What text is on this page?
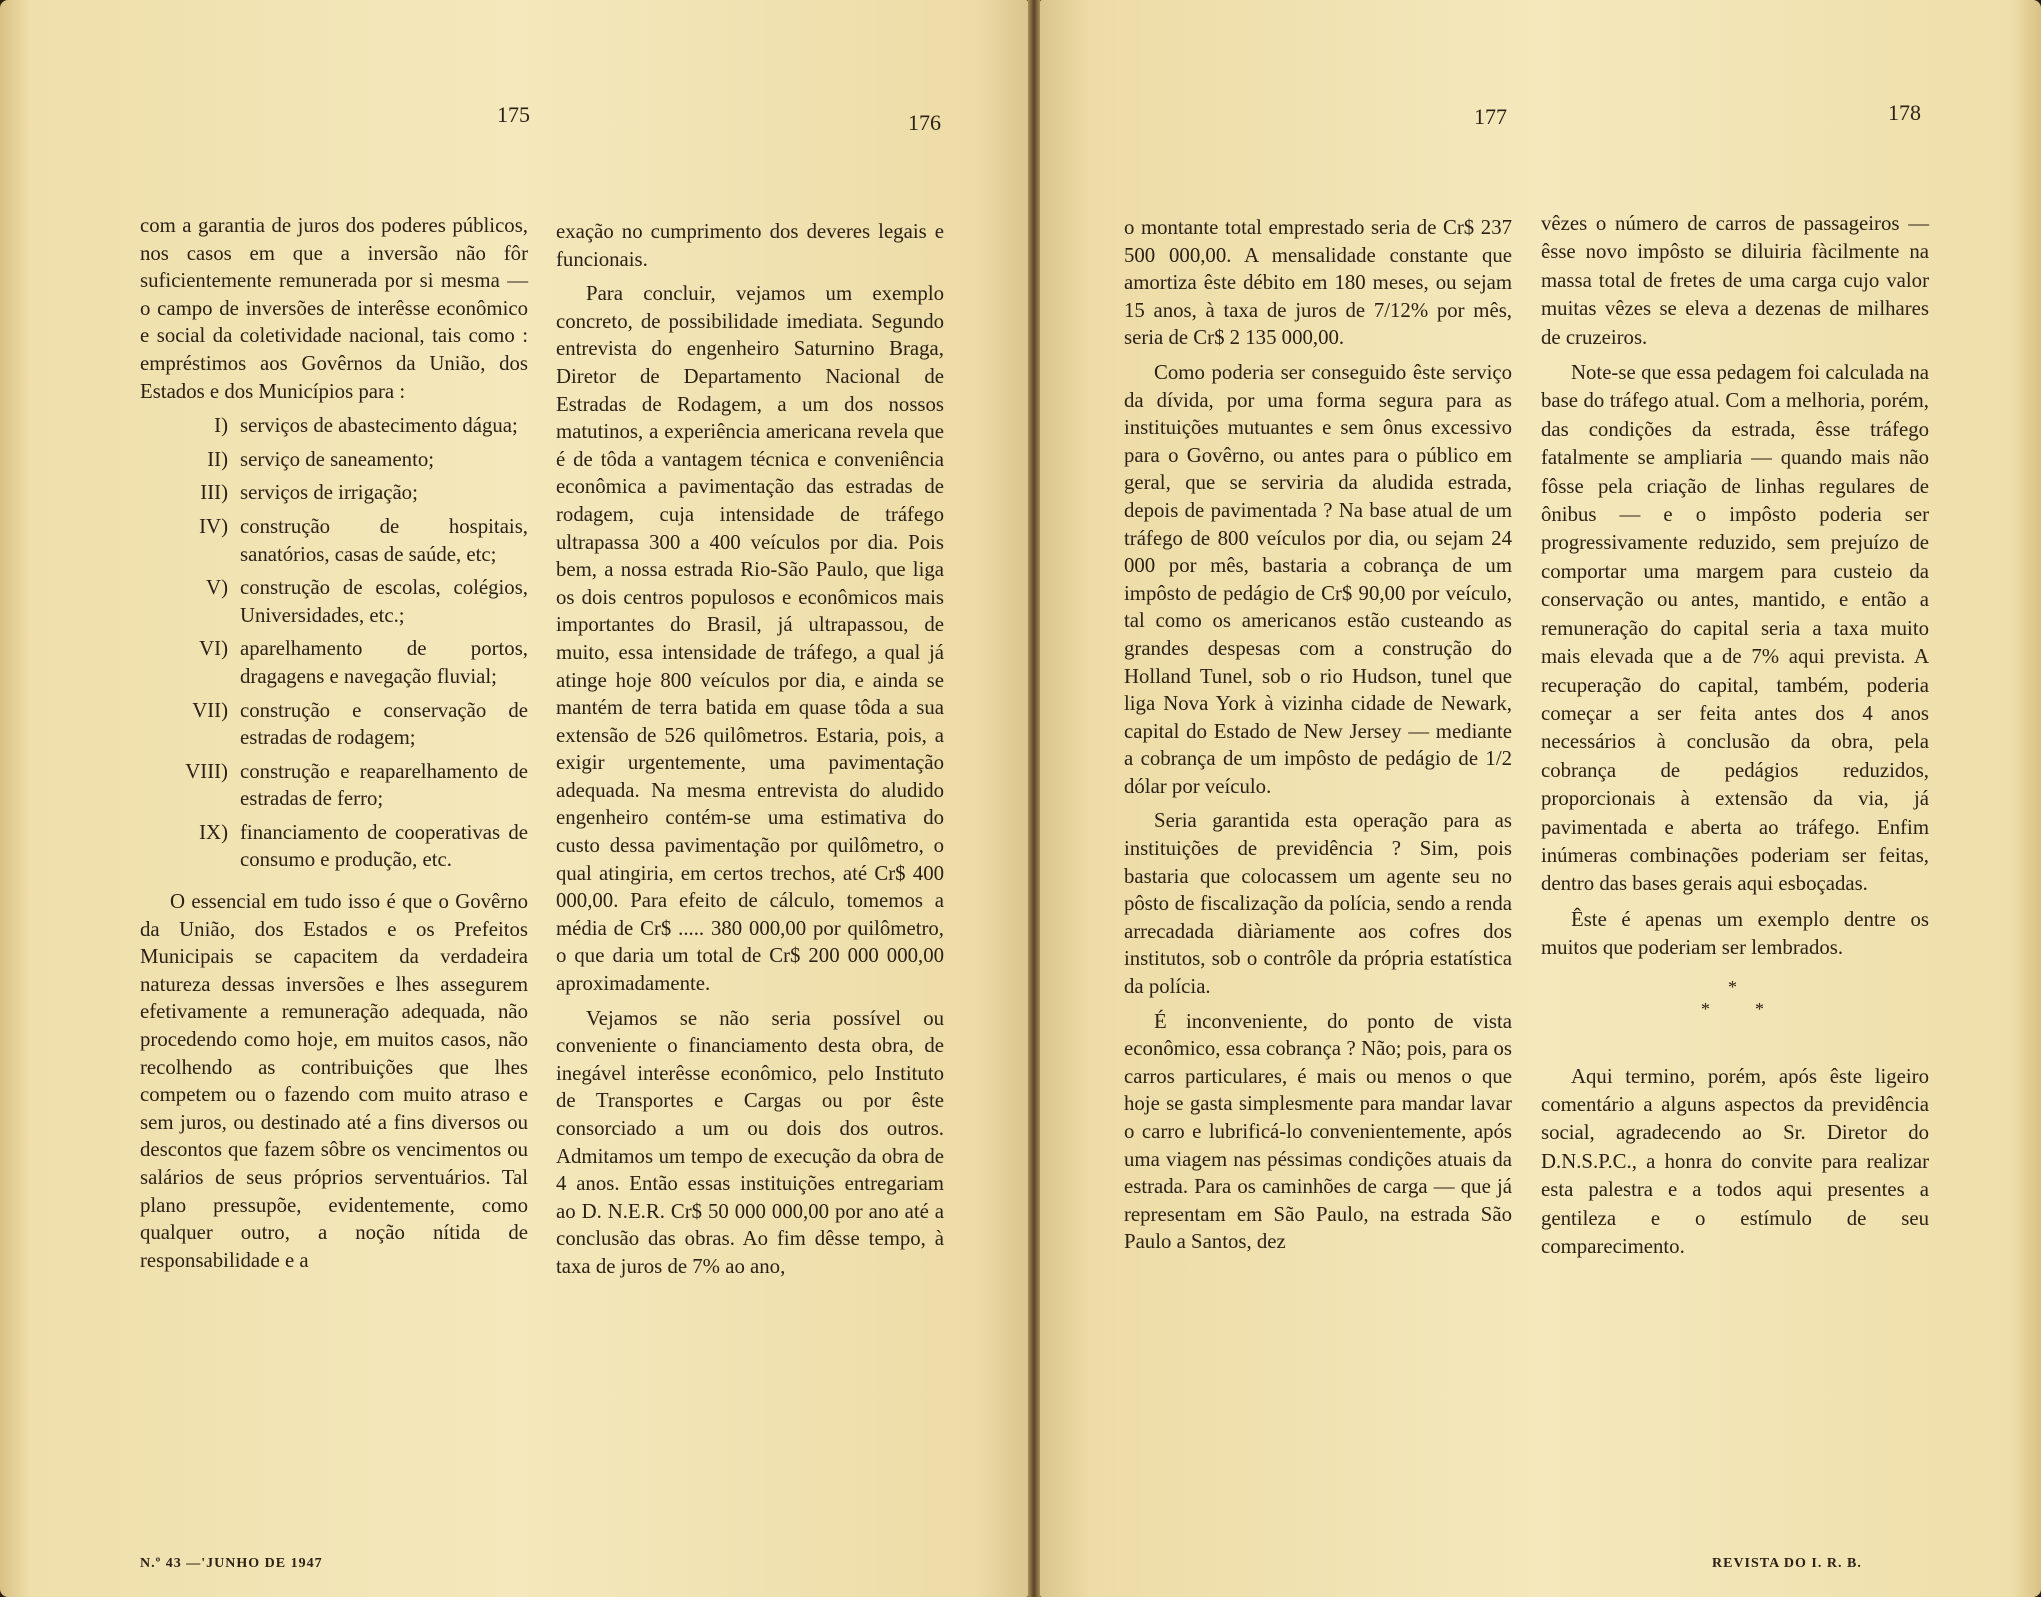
175	176

com a garantia de juros dos poderes públicos, nos casos em que a inversão não fôr suficientemente remunerada por si mesma — o campo de inversões de interêsse econômico e social da coletividade nacional, tais como : empréstimos aos Govêrnos da União, dos Estados e dos Municípios para :

I) serviços de abastecimento dágua;
II) serviço de saneamento;
III) serviços de irrigação;
IV) construção de hospitais, sanatórios, casas de saúde, etc;
V) construção de escolas, colégios, Universidades, etc.;
VI) aparelhamento de portos, dragagens e navegação fluvial;
VII) construção e conservação de estradas de rodagem;
VIII) construção e reaparelhamento de estradas de ferro;
IX) financiamento de cooperativas de consumo e produção, etc.

O essencial em tudo isso é que o Govêrno da União, dos Estados e os Prefeitos Municipais se capacitem da verdadeira natureza dessas inversões e lhes assegurem efetivamente a remuneração adequada, não procedendo como hoje, em muitos casos, não recolhendo as contribuições que lhes competem ou o fazendo com muito atraso e sem juros, ou destinado até a fins diversos ou descontos que fazem sôbre os vencimentos ou salários de seus próprios serventuários. Tal plano pressupõe, evidentemente, como qualquer outro, a noção nítida de responsabilidade e a

exação no cumprimento dos deveres legais e funcionais.

Para concluir, vejamos um exemplo concreto, de possibilidade imediata. Segundo entrevista do engenheiro Saturnino Braga, Diretor de Departamento Nacional de Estradas de Rodagem, a um dos nossos matutinos, a experiência americana revela que é de tôda a vantagem técnica e conveniência econômica a pavimentação das estradas de rodagem, cuja intensidade de tráfego ultrapassa 300 a 400 veículos por dia. Pois bem, a nossa estrada Rio-São Paulo, que liga os dois centros populosos e econômicos mais importantes do Brasil, já ultrapassou, de muito, essa intensidade de tráfego, a qual já atinge hoje 800 veículos por dia, e ainda se mantém de terra batida em quase tôda a sua extensão de 526 quilômetros. Estaria, pois, a exigir urgentemente, uma pavimentação adequada. Na mesma entrevista do aludido engenheiro contém-se uma estimativa do custo dessa pavimentação por quilômetro, o qual atingiria, em certos trechos, até Cr$ 400 000,00. Para efeito de cálculo, tomemos a média de Cr$ ..... 380 000,00 por quilômetro, o que daria um total de Cr$ 200 000 000,00 aproximadamente.

Vejamos se não seria possível ou conveniente o financiamento desta obra, de inegável interêsse econômico, pelo Instituto de Transportes e Cargas ou por êste consorciado a um ou dois dos outros. Admitamos um tempo de execução da obra de 4 anos. Então essas instituições entregariam ao D. N.E.R. Cr$ 50 000 000,00 por ano até a conclusão das obras. Ao fim dêsse tempo, à taxa de juros de 7% ao ano,

N.º 43 —'JUNHO DE 1947
177	178

o montante total emprestado seria de Cr$ 237 500 000,00. A mensalidade constante que amortiza êste débito em 180 meses, ou sejam 15 anos, à taxa de juros de 7/12% por mês, seria de Cr$ 2 135 000,00.

Como poderia ser conseguido êste serviço da dívida, por uma forma segura para as instituições mutuantes e sem ônus excessivo para o Govêrno, ou antes para o público em geral, que se serviria da aludida estrada, depois de pavimentada ? Na base atual de um tráfego de 800 veículos por dia, ou sejam 24 000 por mês, bastaria a cobrança de um impôsto de pedágio de Cr$ 90,00 por veículo, tal como os americanos estão custeando as grandes despesas com a construção do Holland Tunel, sob o rio Hudson, tunel que liga Nova York à vizinha cidade de Newark, capital do Estado de New Jersey — mediante a cobrança de um impôsto de pedágio de 1/2 dólar por veículo.

Seria garantida esta operação para as instituições de previdência ? Sim, pois bastaria que colocassem um agente seu no pôsto de fiscalização da polícia, sendo a renda arrecadada diàriamente aos cofres dos institutos, sob o contrôle da própria estatística da polícia.

É inconveniente, do ponto de vista econômico, essa cobrança ? Não; pois, para os carros particulares, é mais ou menos o que hoje se gasta simplesmente para mandar lavar o carro e lubrificá-lo convenientemente, após uma viagem nas péssimas condições atuais da estrada. Para os caminhões de carga — que já representam em São Paulo, na estrada São Paulo a Santos, dez

vêzes o número de carros de passageiros — êsse novo impôsto se diluiria fàcilmente na massa total de fretes de uma carga cujo valor muitas vêzes se eleva a dezenas de milhares de cruzeiros.

Note-se que essa pedagem foi calculada na base do tráfego atual. Com a melhoria, porém, das condições da estrada, êsse tráfego fatalmente se ampliaria — quando mais não fôsse pela criação de linhas regulares de ônibus — e o impôsto poderia ser progressivamente reduzido, sem prejuízo de comportar uma margem para custeio da conservação ou antes, mantido, e então a remuneração do capital seria a taxa muito mais elevada que a de 7% aqui prevista. A recuperação do capital, também, poderia começar a ser feita antes dos 4 anos necessários à conclusão da obra, pela cobrança de pedágios reduzidos, proporcionais à extensão da via, já pavimentada e aberta ao tráfego. Enfim inúmeras combinações poderiam ser feitas, dentro das bases gerais aqui esboçadas.

Êste é apenas um exemplo dentre os muitos que poderiam ser lembrados.

*
*	*

Aqui termino, porém, após êste ligeiro comentário a alguns aspectos da previdência social, agradecendo ao Sr. Diretor do D.N.S.P.C., a honra do convite para realizar esta palestra e a todos aqui presentes a gentileza e o estímulo de seu comparecimento.

REVISTA DO I. R. B.
